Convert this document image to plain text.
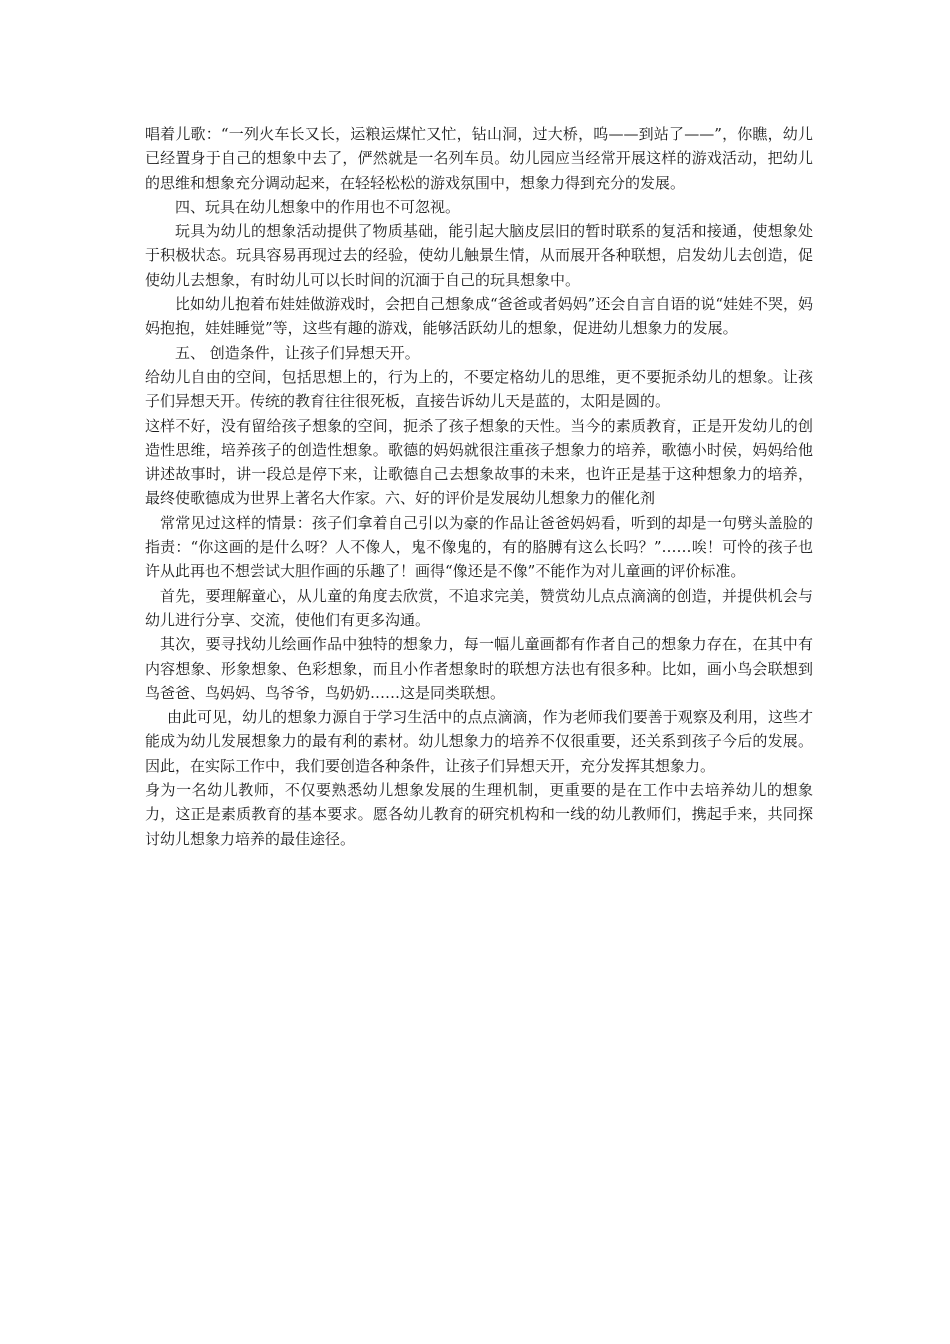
唱着儿歌：“一列火车长又长，运粮运煤忙又忙，钻山洞，过大桥，呜——到站了——”，你瞧，幼儿已经置身于自己的想象中去了，俨然就是一名列车员。幼儿园应当经常开展这样的游戏活动，把幼儿的思维和想象充分调动起来，在轻轻松松的游戏氛围中，想象力得到充分的发展。

四、玩具在幼儿想象中的作用也不可忽视。

玩具为幼儿的想象活动提供了物质基础，能引起大脑皮层旧的暂时联系的复活和接通，使想象处于积极状态。玩具容易再现过去的经验，使幼儿触景生情，从而展开各种联想，启发幼儿去创造，促使幼儿去想象，有时幼儿可以长时间的沉湎于自己的玩具想象中。

比如幼儿抱着布娃娃做游戏时，会把自己想象成“爸爸或者妈妈”还会自言自语的说“娃娃不哭，妈妈抱抱，娃娃睡觉”等，这些有趣的游戏，能够活跃幼儿的想象，促进幼儿想象力的发展。

五、 创造条件，让孩子们异想天开。

给幼儿自由的空间，包括思想上的，行为上的，不要定格幼儿的思维，更不要扼杀幼儿的想象。让孩子们异想天开。传统的教育往往很死板，直接告诉幼儿天是蓝的，太阳是圆的。

这样不好，没有留给孩子想象的空间，扼杀了孩子想象的天性。当今的素质教育，正是开发幼儿的创造性思维，培养孩子的创造性想象。歌德的妈妈就很注重孩子想象力的培养，歌德小时侯，妈妈给他讲述故事时，讲一段总是停下来，让歌德自己去想象故事的未来，也许正是基于这种想象力的培养，最终使歌德成为世界上著名大作家。六、好的评价是发展幼儿想象力的催化剂

常常见过这样的情景：孩子们拿着自己引以为豪的作品让爸爸妈妈看，听到的却是一句劈头盖脸的指责：“你这画的是什么呀？人不像人，鬼不像鬼的，有的胳膊有这么长吗？”……唉！可怜的孩子也许从此再也不想尝试大胆作画的乐趣了！画得“像还是不像”不能作为对儿童画的评价标准。

首先，要理解童心，从儿童的角度去欣赏，不追求完美，赞赏幼儿点点滴滴的创造，并提供机会与幼儿进行分享、交流，使他们有更多沟通。

其次，要寻找幼儿绘画作品中独特的想象力，每一幅儿童画都有作者自己的想象力存在，在其中有内容想象、形象想象、色彩想象，而且小作者想象时的联想方法也有很多种。比如，画小鸟会联想到鸟爸爸、鸟妈妈、鸟爷爷，鸟奶奶……这是同类联想。

由此可见，幼儿的想象力源自于学习生活中的点点滴滴，作为老师我们要善于观察及利用，这些才能成为幼儿发展想象力的最有利的素材。幼儿想象力的培养不仅很重要，还关系到孩子今后的发展。因此，在实际工作中，我们要创造各种条件，让孩子们异想天开，充分发挥其想象力。

身为一名幼儿教师，不仅要熟悉幼儿想象发展的生理机制，更重要的是在工作中去培养幼儿的想象力，这正是素质教育的基本要求。愿各幼儿教育的研究机构和一线的幼儿教师们，携起手来，共同探讨幼儿想象力培养的最佳途径。
